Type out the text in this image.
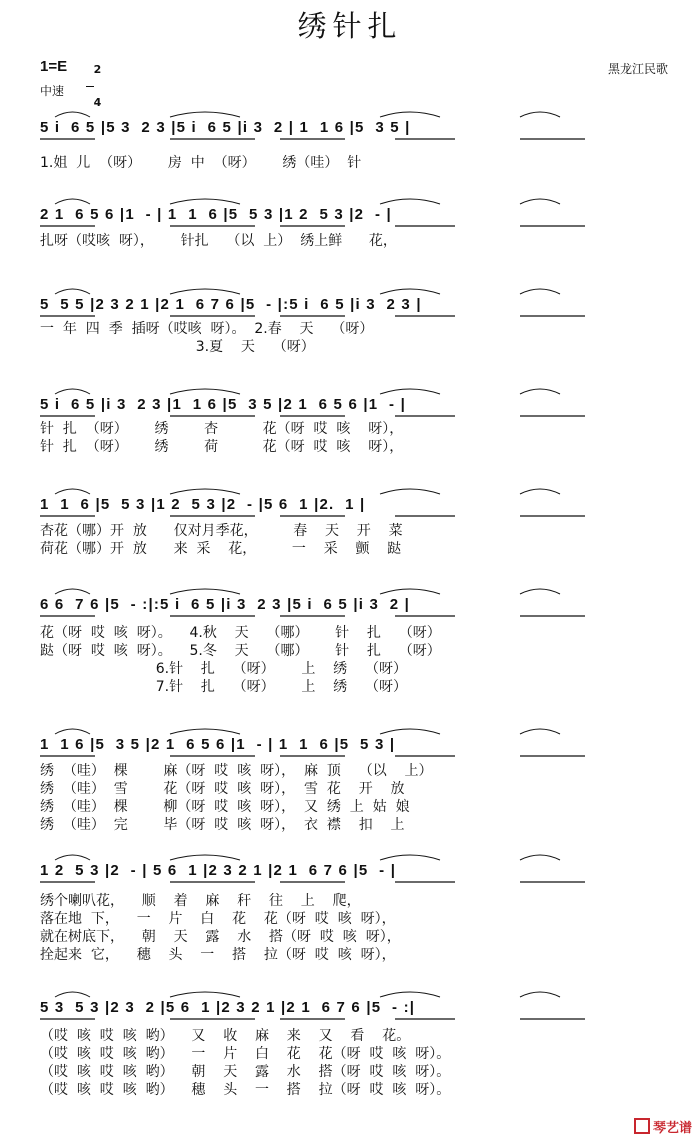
绣针扎
1=E	2

4

黑龙江民歌
中速
5 i  6 5 |5 3  2 3 |5 i  6 5 |i 3  2 | 1  1 6 |5  3 5 |
1.姐  儿  （呀）      房  中  （呀）      绣（哇）  针
2 1  6 5 6 |1  - | 1  1  6 |5  5 3 |1 2  5 3 |2  - |
扎呀（哎咳  呀），      针扎    （以  上）  绣上鲜      花，
5  5 5 |2 3 2 1 |2 1  6 7 6 |5  - |:5 i  6 5 |i 3  2 3 |
一  年  四  季  插呀（哎咳  呀）。  2.春    天    （呀）
3.夏    天    （呀）
5 i  6 5 |i 3  2 3 |1  1 6 |5  3 5 |2 1  6 5 6 |1  - |
针  扎  （呀）      绣        杏          花（呀  哎  咳    呀），
针  扎  （呀）      绣        荷          花（呀  哎  咳    呀），
1  1  6 |5  5 3 |1 2  5 3 |2  - |5 6  1 |2.  1 |
杏花（哪）开  放      仅对月季花，        春    天    开    菜
荷花（哪）开  放      来  采    花，        一    采    颤    跶
6 6  7 6 |5  - :|:5 i  6 5 |i 3  2 3 |5 i  6 5 |i 3  2 |
花（呀  哎  咳  呀）。    4.秋    天    （哪）      针    扎    （呀）
跶（呀  哎  咳  呀）。    5.冬    天    （哪）      针    扎    （呀）
6.针    扎    （呀）      上    绣    （呀）
7.针    扎    （呀）      上    绣    （呀）
1  1 6 |5  3 5 |2 1  6 5 6 |1  - | 1  1  6 |5  5 3 |
绣  （哇）  棵        麻（呀  哎  咳  呀），  麻  顶    （以    上）
绣  （哇）  雪        花（呀  哎  咳  呀），  雪  花    开    放
绣  （哇）  棵        柳（呀  哎  咳  呀），  又  绣  上  姑  娘
绣  （哇）  完        毕（呀  哎  咳  呀），  衣  襟    扣    上
1 2  5 3 |2  - | 5 6  1 |2 3 2 1 |2 1  6 7 6 |5  - |
绣个喇叭花，    顺    着    麻    秆    往    上    爬，
落在地  下，    一    片    白    花    花（呀  哎  咳  呀），
就在树底下，    朝    天    露    水    搭（呀  哎  咳  呀），
拴起来  它，    穗    头    一    搭    拉（呀  哎  咳  呀），
5 3  5 3 |2 3  2 |5 6  1 |2 3 2 1 |2 1  6 7 6 |5  - :|
（哎  咳  哎  咳  哟）    又    收    麻    来    又    看    花。
（哎  咳  哎  咳  哟）    一    片    白    花    花（呀  哎  咳  呀）。
（哎  咳  哎  咳  哟）    朝    天    露    水    搭（呀  哎  咳  呀）。
（哎  咳  哎  咳  哟）    穗    头    一    搭    拉（呀  哎  咳  呀）。
琴艺谱
